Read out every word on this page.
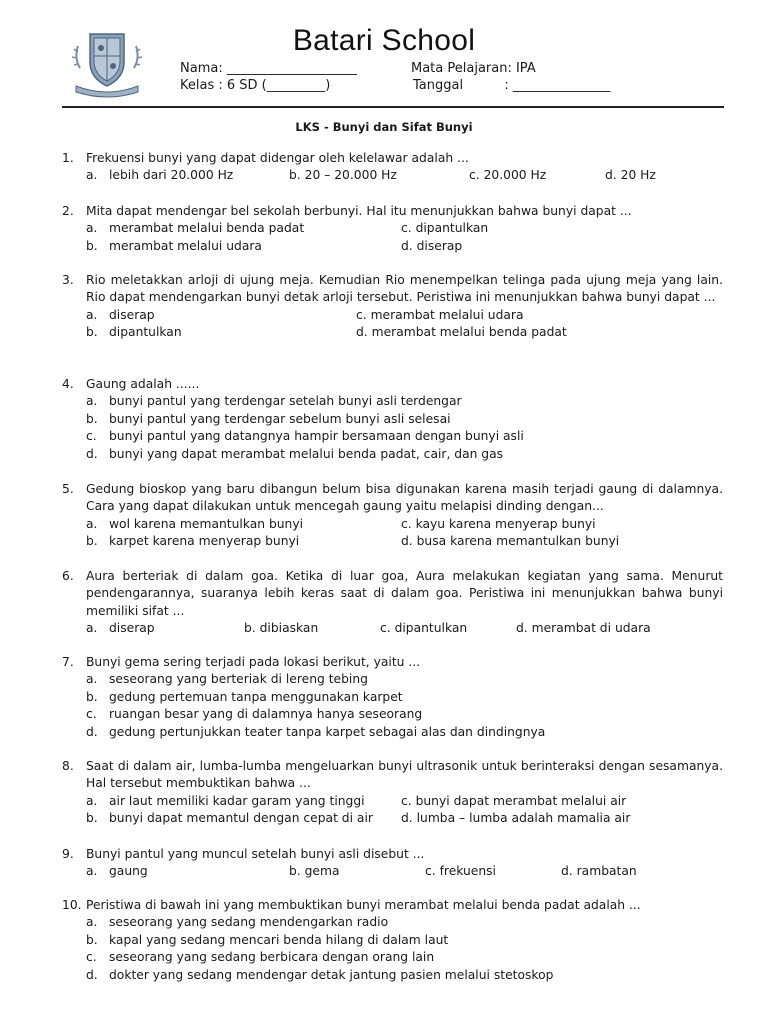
Batari School
Nama: ____________________	Mata Pelajaran: IPA
Kelas : 6 SD (_________)	Tanggal          : _______________
LKS - Bunyi dan Sifat Bunyi
1. Frekuensi bunyi yang dapat didengar oleh kelelawar adalah ...
a. lebih dari 20.000 Hz	b. 20 – 20.000 Hz	c. 20.000 Hz	d. 20 Hz
2. Mita dapat mendengar bel sekolah berbunyi. Hal itu menunjukkan bahwa bunyi dapat ...
a. merambat melalui benda padat	c. dipantulkan
b. merambat melalui udara	d. diserap
3. Rio meletakkan arloji di ujung meja. Kemudian Rio menempelkan telinga pada ujung meja yang lain. Rio dapat mendengarkan bunyi detak arloji tersebut. Peristiwa ini menunjukkan bahwa bunyi dapat ...
a. diserap	c. merambat melalui udara
b. dipantulkan	d. merambat melalui benda padat
4. Gaung adalah ......
a. bunyi pantul yang terdengar setelah bunyi asli terdengar
b. bunyi pantul yang terdengar sebelum bunyi asli selesai
c.	bunyi pantul yang datangnya hampir bersamaan dengan bunyi asli
d. bunyi yang dapat merambat melalui benda padat, cair, dan gas
5. Gedung bioskop yang baru dibangun belum bisa digunakan karena masih terjadi gaung di dalamnya. Cara yang dapat dilakukan untuk mencegah gaung yaitu melapisi dinding dengan...
a. wol karena memantulkan bunyi	c. kayu karena menyerap bunyi
b. karpet karena menyerap bunyi	d. busa karena memantulkan bunyi
6. Aura berteriak di dalam goa. Ketika di luar goa, Aura melakukan kegiatan yang sama. Menurut pendengarannya, suaranya lebih keras saat di dalam goa. Peristiwa ini menunjukkan bahwa bunyi memiliki sifat ...
a. diserap	b. dibiaskan	c. dipantulkan	d. merambat di udara
7. Bunyi gema sering terjadi pada lokasi berikut, yaitu ...
a. seseorang yang berteriak di lereng tebing
b. gedung pertemuan tanpa menggunakan karpet
c.	ruangan besar yang di dalamnya hanya seseorang
d. gedung pertunjukkan teater tanpa karpet sebagai alas dan dindingnya
8. Saat di dalam air, lumba-lumba mengeluarkan bunyi ultrasonik untuk berinteraksi dengan sesamanya. Hal tersebut membuktikan bahwa ...
a. air laut memiliki kadar garam yang tinggi	c. bunyi dapat merambat melalui air
b. bunyi dapat memantul dengan cepat di air d. lumba – lumba adalah mamalia air
9. Bunyi pantul yang muncul setelah bunyi asli disebut ...
a. gaung	b. gema	c. frekuensi	d. rambatan
10. Peristiwa di bawah ini yang membuktikan bunyi merambat melalui benda padat adalah ...
a. seseorang yang sedang mendengarkan radio
b. kapal yang sedang mencari benda hilang di dalam laut
c.	seseorang yang sedang berbicara dengan orang lain
d. dokter yang sedang mendengar detak jantung pasien melalui stetoskop
